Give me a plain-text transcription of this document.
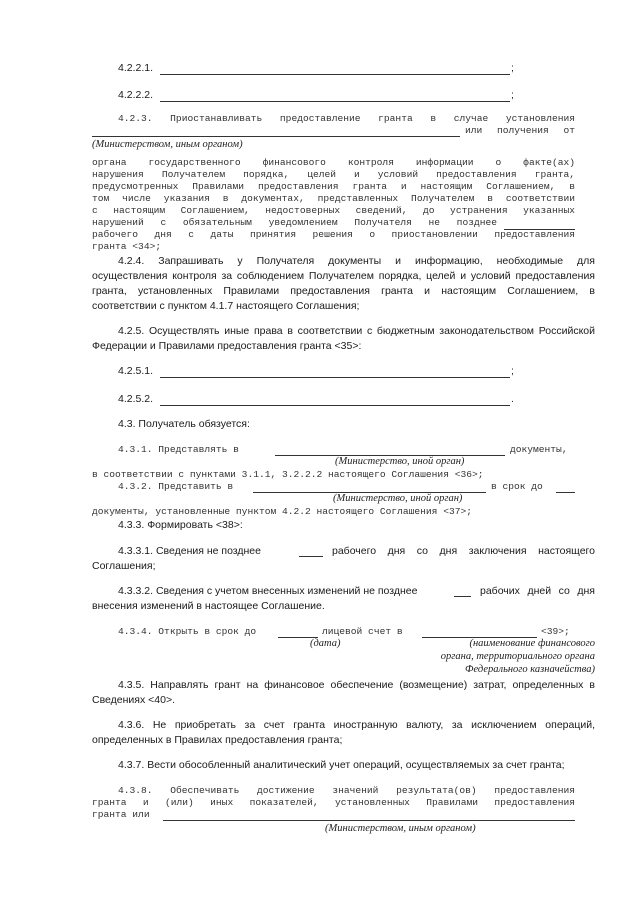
4.2.2.1.	;
4.2.2.2.	;
4.2.3. Приостанавливать предоставление гранта в случае установления
или получения от
(Министерством, иным органом)
органа государственного финансового контроля информации о факте(ах)
нарушения Получателем порядка, целей и условий предоставления гранта,
предусмотренных Правилами предоставления гранта и настоящим Соглашением, в
том числе указания в документах, представленных Получателем в соответствии
с настоящим Соглашением, недостоверных сведений, до устранения указанных
нарушений с обязательным уведомлением Получателя не позднее
рабочего дня с даты принятия решения о приостановлении предоставления
гранта <34>;
4.2.4. Запрашивать у Получателя документы и информацию, необходимые для
осуществления контроля за соблюдением Получателем порядка, целей и условий предоставления
гранта, установленных Правилами предоставления гранта и настоящим Соглашением, в
соответствии с пунктом 4.1.7 настоящего Соглашения;
4.2.5. Осуществлять иные права в соответствии с бюджетным законодательством Российской
Федерации и Правилами предоставления гранта <35>:
4.2.5.1.	;
4.2.5.2.	.
4.3. Получатель обязуется:
4.3.1. Представлять в	документы,
(Министерство, иной орган)
в соответствии с пунктами 3.1.1, 3.2.2.2 настоящего Соглашения <36>;
4.3.2. Представить в	в срок до
(Министерство, иной орган)
документы, установленные пунктом 4.2.2 настоящего Соглашения <37>;
4.3.3. Формировать <38>:
4.3.3.1. Сведения не позднее	рабочего дня со дня заключения настоящего
Соглашения;
4.3.3.2. Сведения с учетом внесенных изменений не позднее	рабочих дней со дня
внесения изменений в настоящее Соглашение.
4.3.4. Открыть в срок до	лицевой счет в	<39>;
(дата)	(наименование финансового
органа, территориального органа
Федерального казначейства)
4.3.5. Направлять грант на финансовое обеспечение (возмещение) затрат, определенных в
Сведениях <40>.
4.3.6. Не приобретать за счет гранта иностранную валюту, за исключением операций,
определенных в Правилах предоставления гранта;
4.3.7. Вести обособленный аналитический учет операций, осуществляемых за счет гранта;
4.3.8. Обеспечивать достижение значений результата(ов) предоставления
гранта и (или) иных показателей, установленных Правилами предоставления
гранта или
(Министерством, иным органом)
